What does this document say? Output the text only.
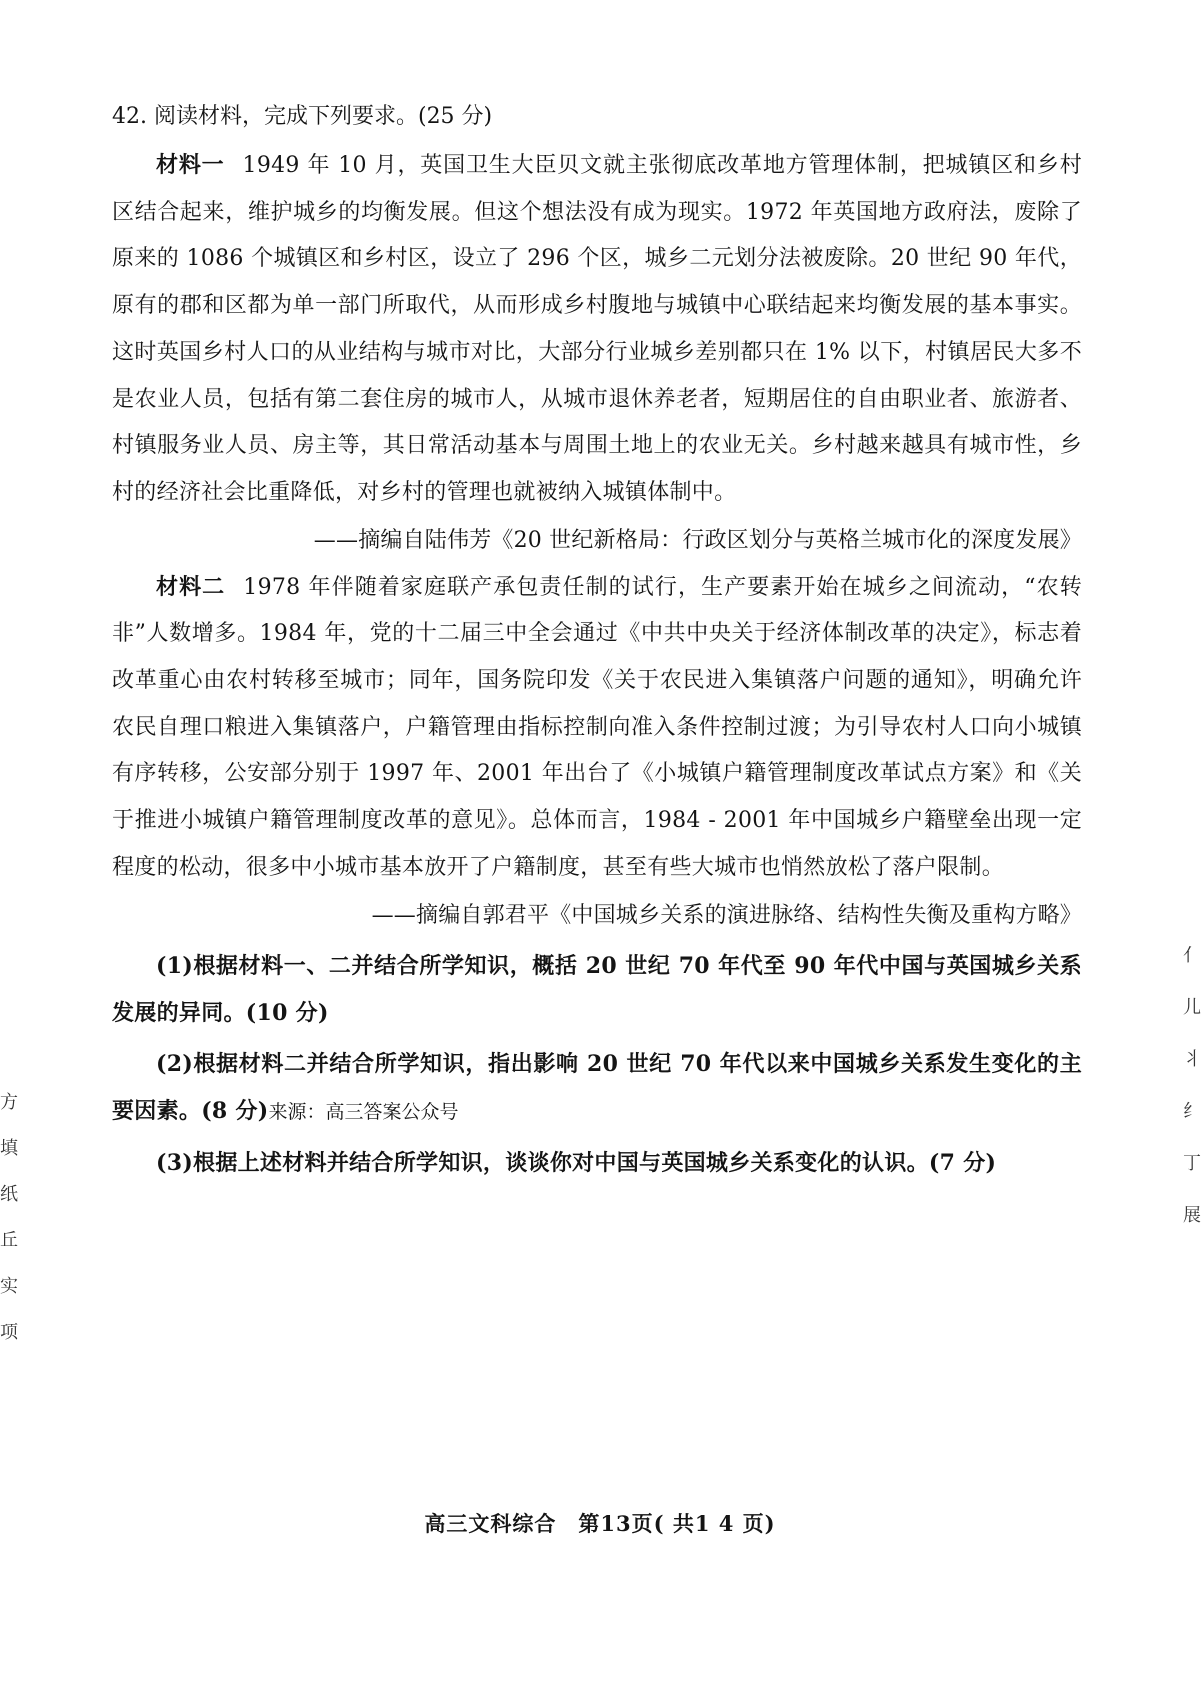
42. 阅读材料，完成下列要求。(25 分)

材料一 1949 年 10 月，英国卫生大臣贝文就主张彻底改革地方管理体制，把城镇区和乡村区结合起来，维护城乡的均衡发展。但这个想法没有成为现实。1972 年英国地方政府法，废除了原来的 1086 个城镇区和乡村区，设立了 296 个区，城乡二元划分法被废除。20 世纪 90 年代，原有的郡和区都为单一部门所取代，从而形成乡村腹地与城镇中心联结起来均衡发展的基本事实。这时英国乡村人口的从业结构与城市对比，大部分行业城乡差别都只在 1% 以下，村镇居民大多不是农业人员，包括有第二套住房的城市人，从城市退休养老者，短期居住的自由职业者、旅游者、村镇服务业人员、房主等，其日常活动基本与周围土地上的农业无关。乡村越来越具有城市性，乡村的经济社会比重降低，对乡村的管理也就被纳入城镇体制中。

——摘编自陆伟芳《20 世纪新格局：行政区划分与英格兰城市化的深度发展》

材料二 1978 年伴随着家庭联产承包责任制的试行，生产要素开始在城乡之间流动，“农转非”人数增多。1984 年，党的十二届三中全会通过《中共中央关于经济体制改革的决定》，标志着改革重心由农村转移至城市；同年，国务院印发《关于农民进入集镇落户问题的通知》，明确允许农民自理口粮进入集镇落户，户籍管理由指标控制向准入条件控制过渡；为引导农村人口向小城镇有序转移，公安部分别于 1997 年、2001 年出台了《小城镇户籍管理制度改革试点方案》和《关于推进小城镇户籍管理制度改革的意见》。总体而言，1984 - 2001 年中国城乡户籍壁垒出现一定程度的松动，很多中小城市基本放开了户籍制度，甚至有些大城市也悄然放松了落户限制。

——摘编自郭君平《中国城乡关系的演进脉络、结构性失衡及重构方略》

(1)根据材料一、二并结合所学知识，概括 20 世纪 70 年代至 90 年代中国与英国城乡关系发展的异同。(10 分)

(2)根据材料二并结合所学知识，指出影响 20 世纪 70 年代以来中国城乡关系发生变化的主要因素。(8 分)来源：高三答案公众号

(3)根据上述材料并结合所学知识，谈谈你对中国与英国城乡关系变化的认识。(7 分)

方
填
纸
丘
实
项
亻
儿
丬
纟
丁
展
高三文科综合　第13页( 共1 4 页)
